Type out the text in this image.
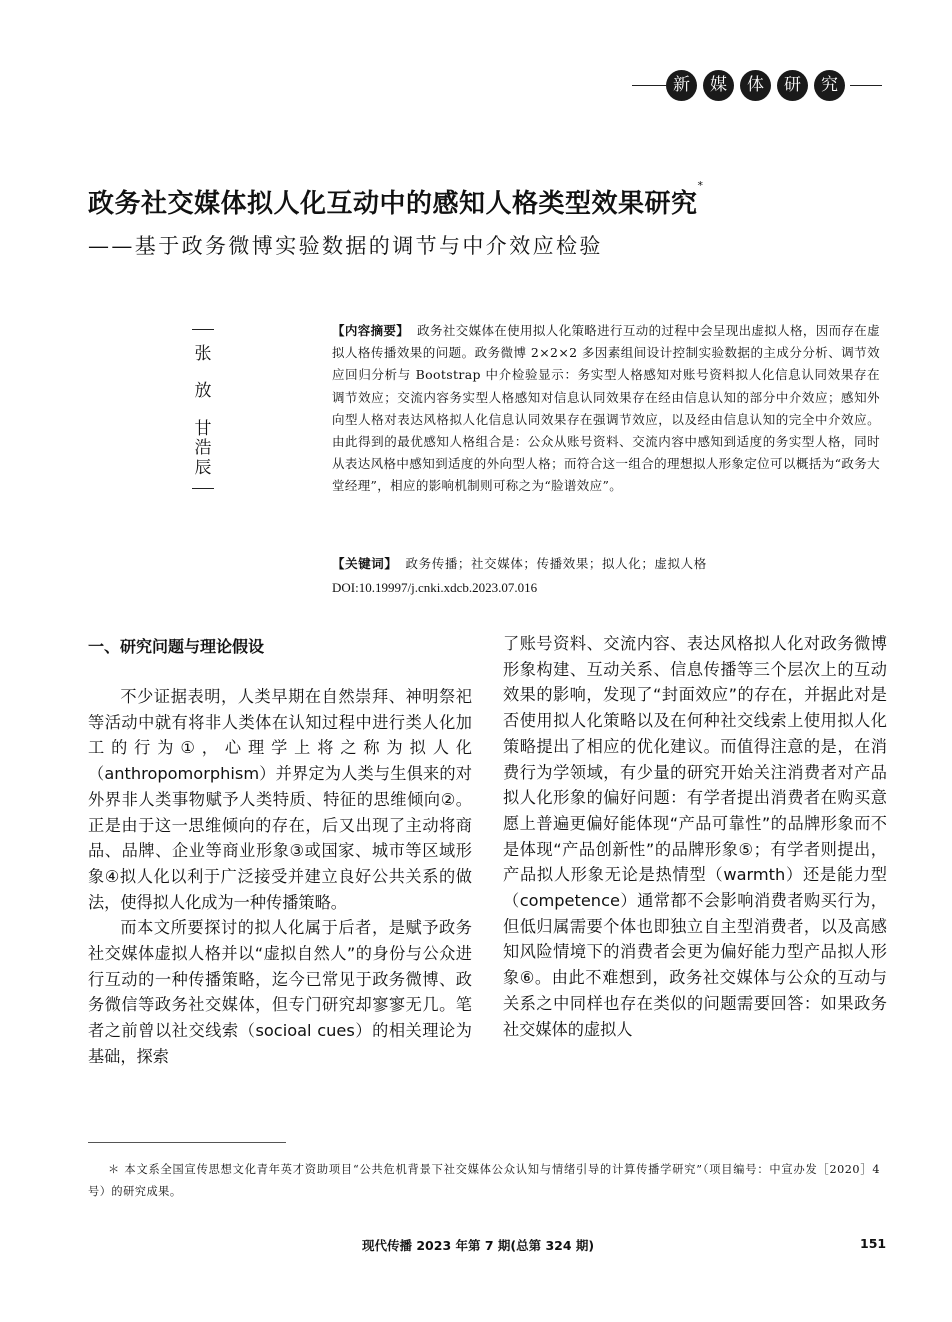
新	媒	体	研	究
政务社交媒体拟人化互动中的感知人格类型效果研究*
——基于政务微博实验数据的调节与中介效应检验
张
放
甘
浩
辰
【内容摘要】 政务社交媒体在使用拟人化策略进行互动的过程中会呈现出虚拟人格，因而存在虚拟人格传播效果的问题。政务微博 2×2×2 多因素组间设计控制实验数据的主成分分析、调节效应回归分析与 Bootstrap 中介检验显示：务实型人格感知对账号资料拟人化信息认同效果存在调节效应；交流内容务实型人格感知对信息认同效果存在经由信息认知的部分中介效应；感知外向型人格对表达风格拟人化信息认同效果存在强调节效应，以及经由信息认知的完全中介效应。由此得到的最优感知人格组合是：公众从账号资料、交流内容中感知到适度的务实型人格，同时从表达风格中感知到适度的外向型人格；而符合这一组合的理想拟人形象定位可以概括为“政务大堂经理”，相应的影响机制则可称之为“脸谱效应”。
【关键词】 政务传播；社交媒体；传播效果；拟人化；虚拟人格
DOI:10.19997/j.cnki.xdcb.2023.07.016
一、研究问题与理论假设

不少证据表明，人类早期在自然崇拜、神明祭祀等活动中就有将非人类体在认知过程中进行类人化加工的行为①，心理学上将之称为拟人化（anthropomorphism）并界定为人类与生俱来的对外界非人类事物赋予人类特质、特征的思维倾向②。正是由于这一思维倾向的存在，后又出现了主动将商品、品牌、企业等商业形象③或国家、城市等区域形象④拟人化以利于广泛接受并建立良好公共关系的做法，使得拟人化成为一种传播策略。

而本文所要探讨的拟人化属于后者，是赋予政务社交媒体虚拟人格并以“虚拟自然人”的身份与公众进行互动的一种传播策略，迄今已常见于政务微博、政务微信等政务社交媒体，但专门研究却寥寥无几。笔者之前曾以社交线索（socioal cues）的相关理论为基础，探索

了账号资料、交流内容、表达风格拟人化对政务微博形象构建、互动关系、信息传播等三个层次上的互动效果的影响，发现了“封面效应”的存在，并据此对是否使用拟人化策略以及在何种社交线索上使用拟人化策略提出了相应的优化建议。而值得注意的是，在消费行为学领域，有少量的研究开始关注消费者对产品拟人化形象的偏好问题：有学者提出消费者在购买意愿上普遍更偏好能体现“产品可靠性”的品牌形象而不是体现“产品创新性”的品牌形象⑤；有学者则提出，产品拟人形象无论是热情型（warmth）还是能力型（competence）通常都不会影响消费者购买行为，但低归属需要个体也即独立自主型消费者，以及高感知风险情境下的消费者会更为偏好能力型产品拟人形象⑥。由此不难想到，政务社交媒体与公众的互动与关系之中同样也存在类似的问题需要回答：如果政务社交媒体的虚拟人

＊ 本文系全国宣传思想文化青年英才资助项目“公共危机背景下社交媒体公众认知与情绪引导的计算传播学研究”（项目编号：中宣办发［2020］4 号）的研究成果。
现代传播 2023 年第 7 期(总第 324 期)	151
